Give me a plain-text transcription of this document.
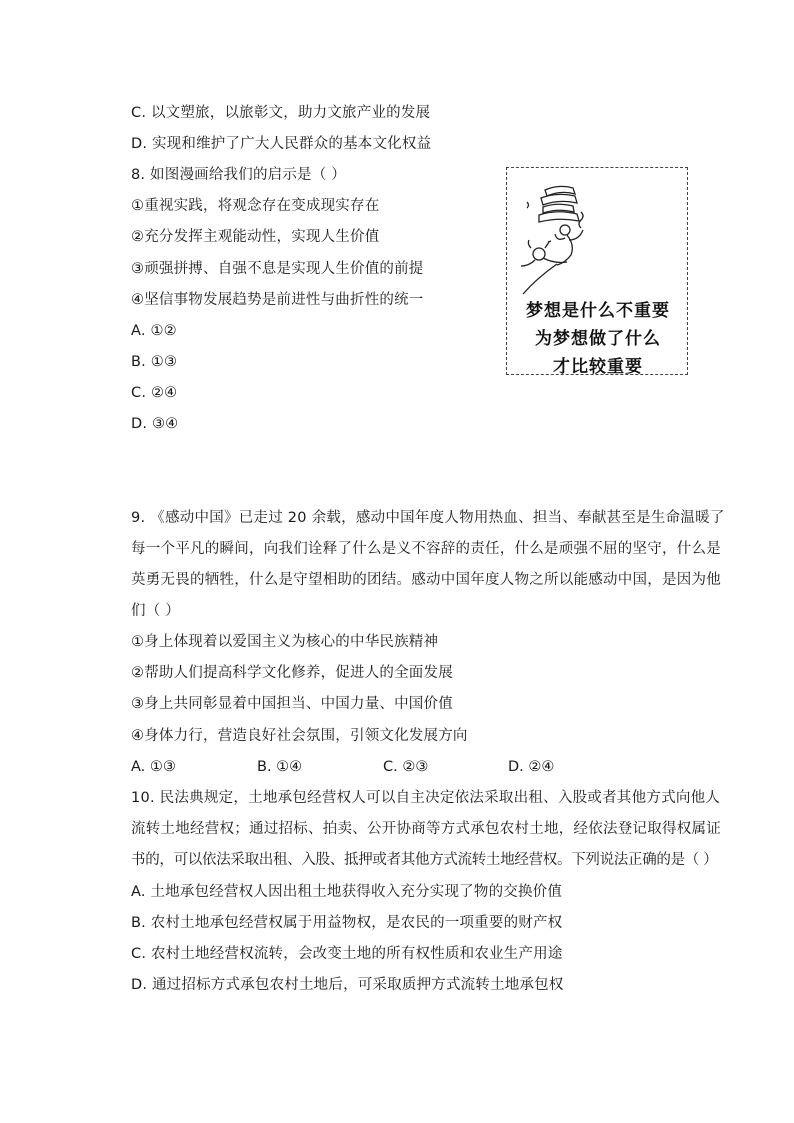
C. 以文塑旅，以旅彰文，助力文旅产业的发展
D. 实现和维护了广大人民群众的基本文化权益
8. 如图漫画给我们的启示是（ ）
①重视实践，将观念存在变成现实存在
②充分发挥主观能动性，实现人生价值
③顽强拼搏、自强不息是实现人生价值的前提
④坚信事物发展趋势是前进性与曲折性的统一
A. ①②
B. ①③
C. ②④
D. ③④
梦想是什么不重要
为梦想做了什么
才比较重要
9. 《感动中国》已走过 20 余载，感动中国年度人物用热血、担当、奉献甚至是生命温暖了
每一个平凡的瞬间，向我们诠释了什么是义不容辞的责任，什么是顽强不屈的坚守，什么是
英勇无畏的牺牲，什么是守望相助的团结。感动中国年度人物之所以能感动中国，是因为他
们（ ）
①身上体现着以爱国主义为核心的中华民族精神
②帮助人们提高科学文化修养，促进人的全面发展
③身上共同彰显着中国担当、中国力量、中国价值
④身体力行，营造良好社会氛围，引领文化发展方向
A. ①③	B. ①④	C. ②③	D. ②④
10. 民法典规定，土地承包经营权人可以自主决定依法采取出租、入股或者其他方式向他人
流转土地经营权；通过招标、拍卖、公开协商等方式承包农村土地，经依法登记取得权属证
书的，可以依法采取出租、入股、抵押或者其他方式流转土地经营权。下列说法正确的是（ ）
A. 土地承包经营权人因出租土地获得收入充分实现了物的交换价值
B. 农村土地承包经营权属于用益物权，是农民的一项重要的财产权
C. 农村土地经营权流转，会改变土地的所有权性质和农业生产用途
D. 通过招标方式承包农村土地后，可采取质押方式流转土地承包权
